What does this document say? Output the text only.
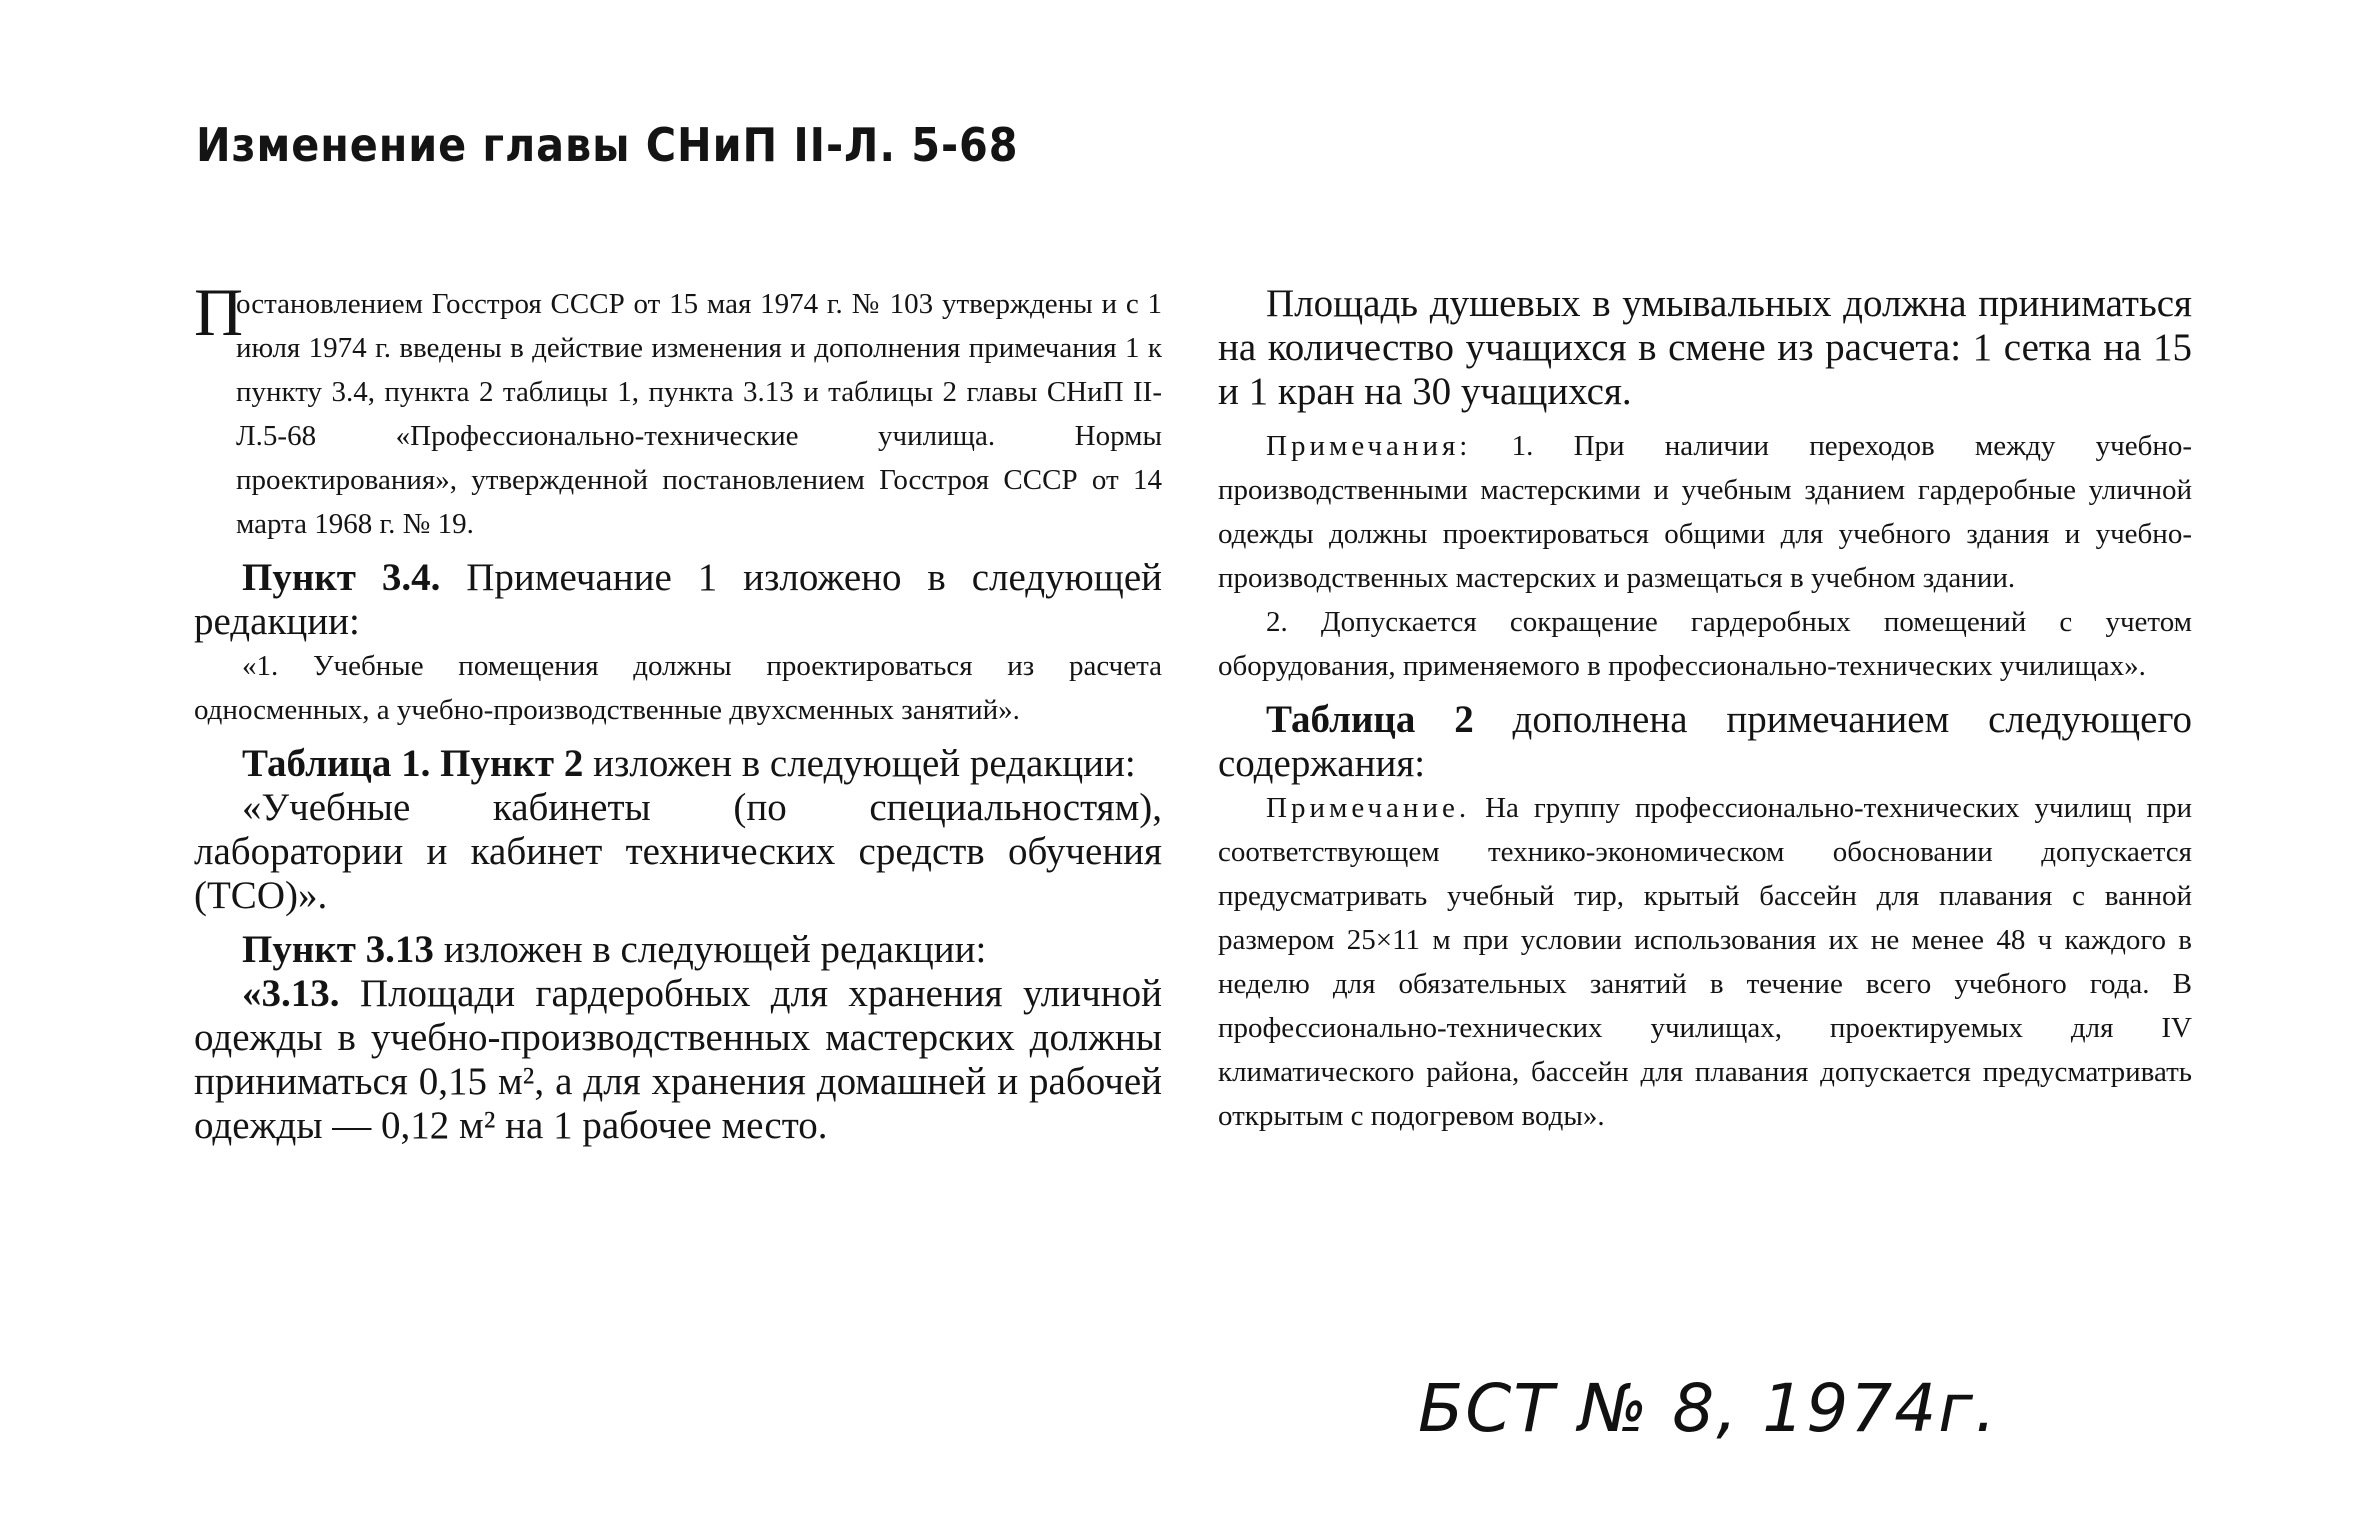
Изменение главы СНиП II-Л. 5-68

П
остановлением Госстроя СССР от 15 мая 1974 г. № 103 утверждены и с 1 июля 1974 г. введены в действие изменения и дополнения примечания 1 к пункту 3.4, пункта 2 таблицы 1, пункта 3.13 и таблицы 2 главы СНиП II-Л.5-68 «Профессионально-технические училища. Нормы проектирования», утвержденной постановлением Госстроя СССР от 14 марта 1968 г. № 19.

Пункт 3.4. Примечание 1 изложено в следующей редакции:

«1. Учебные помещения должны проектироваться из расчета односменных, а учебно-производственные двухсменных занятий».

Таблица 1. Пункт 2 изложен в следующей редакции:

«Учебные кабинеты (по специальностям), лаборатории и кабинет технических средств обучения (ТСО)».

Пункт 3.13 изложен в следующей редакции:

«3.13. Площади гардеробных для хранения уличной одежды в учебно-производственных мастерских должны приниматься 0,15 м², а для хранения домашней и рабочей одежды — 0,12 м² на 1 рабочее место.

Площадь душевых в умывальных должна приниматься на количество учащихся в смене из расчета: 1 сетка на 15 и 1 кран на 30 учащихся.

Примечания: 1. При наличии переходов между учебно-производственными мастерскими и учебным зданием гардеробные уличной одежды должны проектироваться общими для учебного здания и учебно-производственных мастерских и размещаться в учебном здании.

2. Допускается сокращение гардеробных помещений с учетом оборудования, применяемого в профессионально-технических училищах».

Таблица 2 дополнена примечанием следующего содержания:

Примечание. На группу профессионально-технических училищ при соответствующем технико-экономическом обосновании допускается предусматривать учебный тир, крытый бассейн для плавания с ванной размером 25×11 м при условии использования их не менее 48 ч каждого в неделю для обязательных занятий в течение всего учебного года. В профессионально-технических училищах, проектируемых для IV климатического района, бассейн для плавания допускается предусматривать открытым с подогревом воды».

БСТ № 8, 1974г.
